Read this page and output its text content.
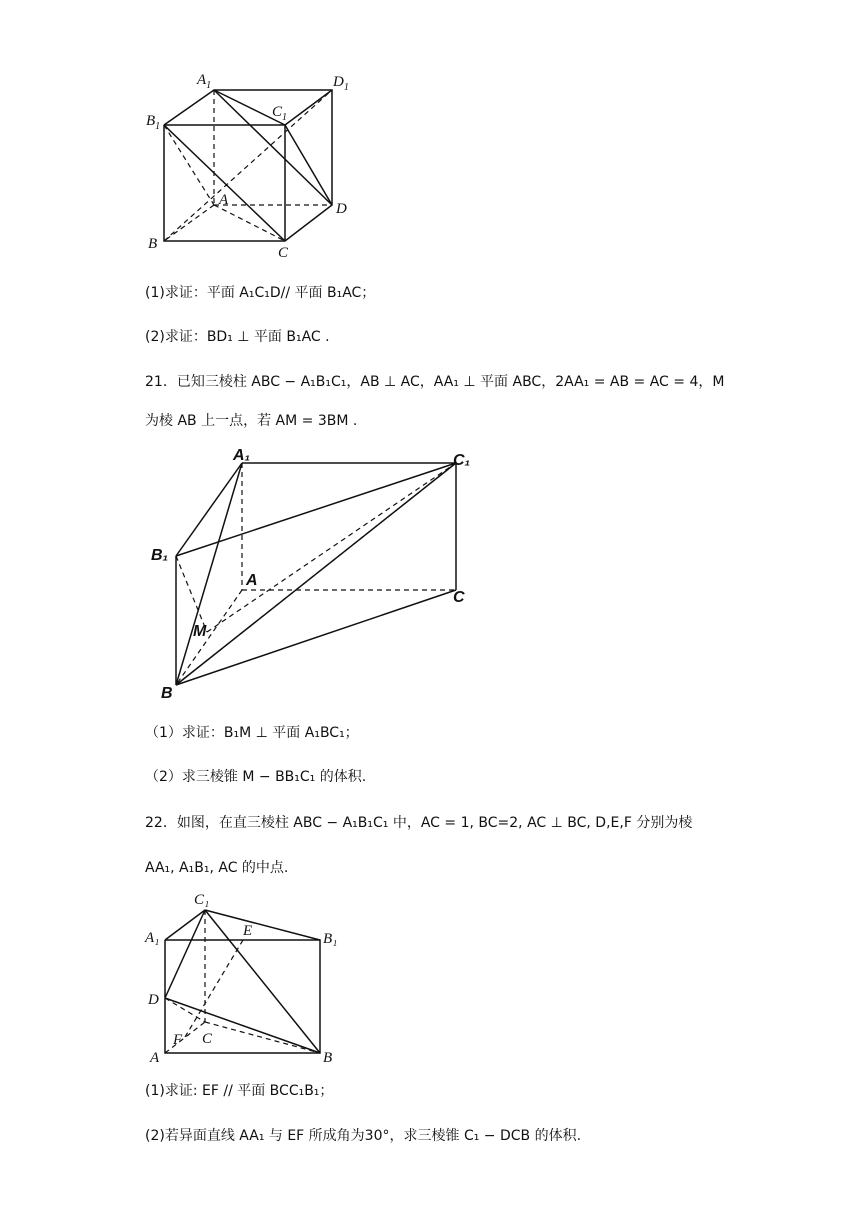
$A_1$	$D_1$
$B_1$
$C_1$
A
D
B
C
(1)求证：平面 A₁C₁D// 平面 B₁AC；
(2)求证：BD₁ ⊥ 平面 B₁AC .
21．已知三棱柱 ABC − A₁B₁C₁，AB ⊥ AC，AA₁ ⊥ 平面 ABC，2AA₁ = AB = AC = 4，M
为棱 AB 上一点，若 AM = 3BM .
A₁	C₁
B₁
A
C
M
B
（1）求证：B₁M ⊥ 平面 A₁BC₁；
（2）求三棱锥 M − BB₁C₁ 的体积.
22．如图，在直三棱柱 ABC − A₁B₁C₁ 中，AC = 1, BC=2, AC ⊥ BC, D,E,F 分别为棱
AA₁, A₁B₁, AC 的中点.
C₁
A₁	E	B₁
D
F C
A	B
(1)求证: EF // 平面 BCC₁B₁；
(2)若异面直线 AA₁ 与 EF 所成角为30°，求三棱锥 C₁ − DCB 的体积.
